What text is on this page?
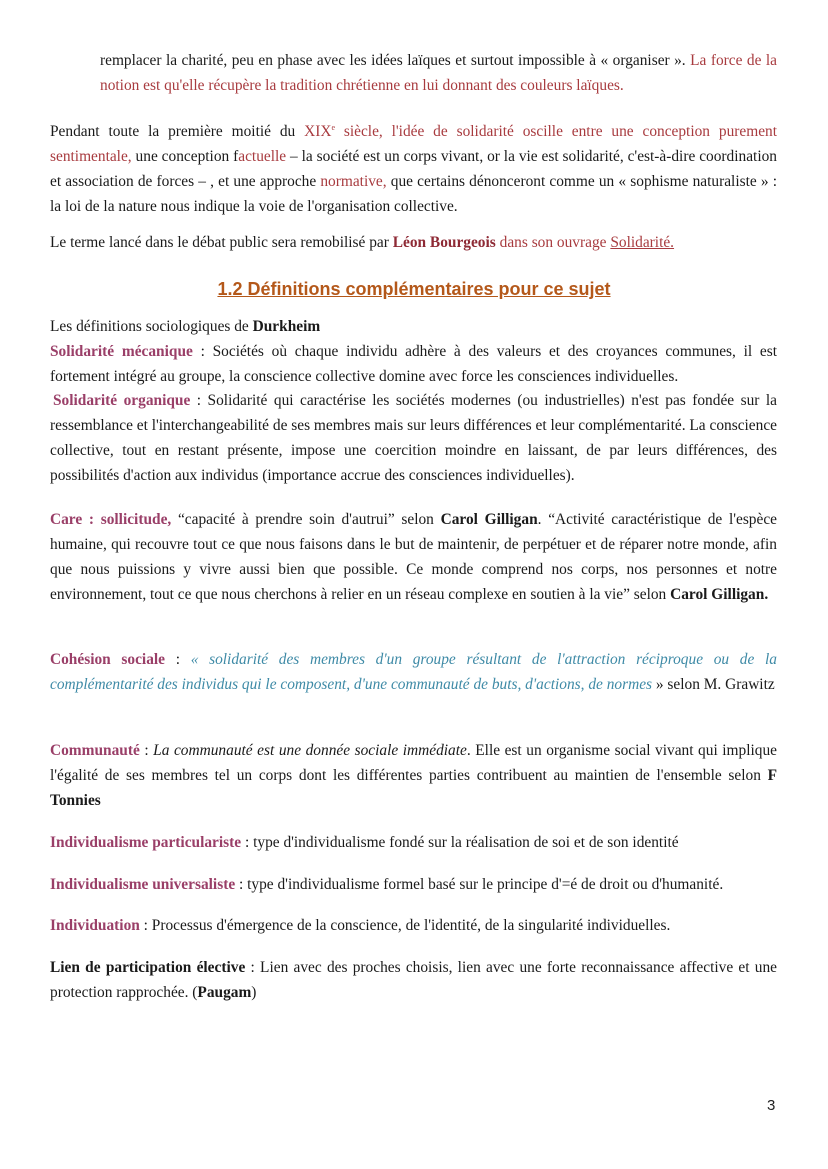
remplacer la charité, peu en phase avec les idées laïques et surtout impossible à « organiser ». La force de la notion est qu'elle récupère la tradition chrétienne en lui donnant des couleurs laïques.

Pendant toute la première moitié du XIXe siècle, l'idée de solidarité oscille entre une conception purement sentimentale, une conception factuelle – la société est un corps vivant, or la vie est solidarité, c'est-à-dire coordination et association de forces – , et une approche normative, que certains dénonceront comme un « sophisme naturaliste » : la loi de la nature nous indique la voie de l'organisation collective.

Le terme lancé dans le débat public sera remobilisé par Léon Bourgeois dans son ouvrage Solidarité.

1.2 Définitions complémentaires pour ce sujet

Les définitions sociologiques de Durkheim

Solidarité mécanique : Sociétés où chaque individu adhère à des valeurs et des croyances communes, il est fortement intégré au groupe, la conscience collective domine avec force les consciences individuelles.

Solidarité organique : Solidarité qui caractérise les sociétés modernes (ou industrielles) n'est pas fondée sur la ressemblance et l'interchangeabilité de ses membres mais sur leurs différences et leur complémentarité. La conscience collective, tout en restant présente, impose une coercition moindre en laissant, de par leurs différences, des possibilités d'action aux individus (importance accrue des consciences individuelles).

Care : sollicitude, “capacité à prendre soin d'autrui” selon Carol Gilligan. “Activité caractéristique de l'espèce humaine, qui recouvre tout ce que nous faisons dans le but de maintenir, de perpétuer et de réparer notre monde, afin que nous puissions y vivre aussi bien que possible. Ce monde comprend nos corps, nos personnes et notre environnement, tout ce que nous cherchons à relier en un réseau complexe en soutien à la vie” selon Carol Gilligan.

Cohésion sociale : « solidarité des membres d'un groupe résultant de l'attraction réciproque ou de la complémentarité des individus qui le composent, d'une communauté de buts, d'actions, de normes » selon M. Grawitz

Communauté : La communauté est une donnée sociale immédiate. Elle est un organisme social vivant qui implique l'égalité de ses membres tel un corps dont les différentes parties contribuent au maintien de l'ensemble selon F Tonnies

Individualisme particulariste : type d'individualisme fondé sur la réalisation de soi et de son identité

Individualisme universaliste : type d'individualisme formel basé sur le principe d'=é de droit ou d'humanité.

Individuation : Processus d'émergence de la conscience, de l'identité, de la singularité individuelles.

Lien de participation élective : Lien avec des proches choisis, lien avec une forte reconnaissance affective et une protection rapprochée. (Paugam)

3
